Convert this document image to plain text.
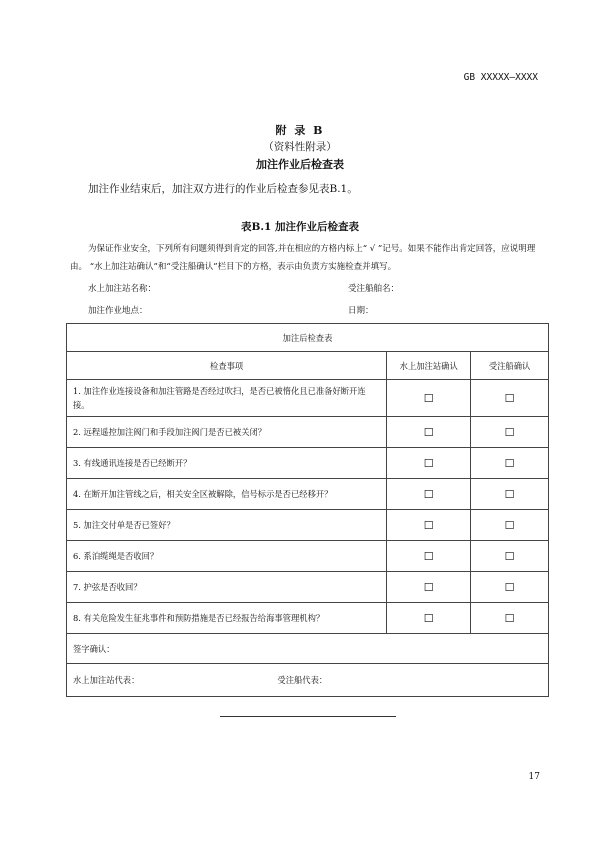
GB XXXXX—XXXX
附 录 B
（资料性附录）
加注作业后检查表
加注作业结束后，加注双方进行的作业后检查参见表B.1。
表B.1 加注作业后检查表
为保证作业安全，下列所有问题须得到肯定的回答,并在相应的方格内标上“ √ ”记号。如果不能作出肯定回答，应说明理由。 “水上加注站确认”和“受注船确认”栏目下的方格，表示由负责方实施检查并填写。
水上加注站名称：	受注船舶名：
加注作业地点：	日期：
加注后检查表		
检查事项	水上加注站确认	受注船确认
1. 加注作业连接设备和加注管路是否经过吹扫，是否已被惰化且已准备好断开连接。	☐	☐
2. 远程遥控加注阀门和手段加注阀门是否已被关闭？	☐	☐
3. 有线通讯连接是否已经断开？	☐	☐
4. 在断开加注管线之后，相关安全区被解除，信号标示是否已经移开？	☐	☐
5. 加注交付单是否已签好？	☐	☐
6. 系泊缆绳是否收回？	☐	☐
7. 护弦是否收回？	☐	☐
8. 有关危险发生征兆事件和预防措施是否已经报告给海事管理机构？	☐	☐
签字确认：		
水上加注站代表： 受注船代表：		
17
